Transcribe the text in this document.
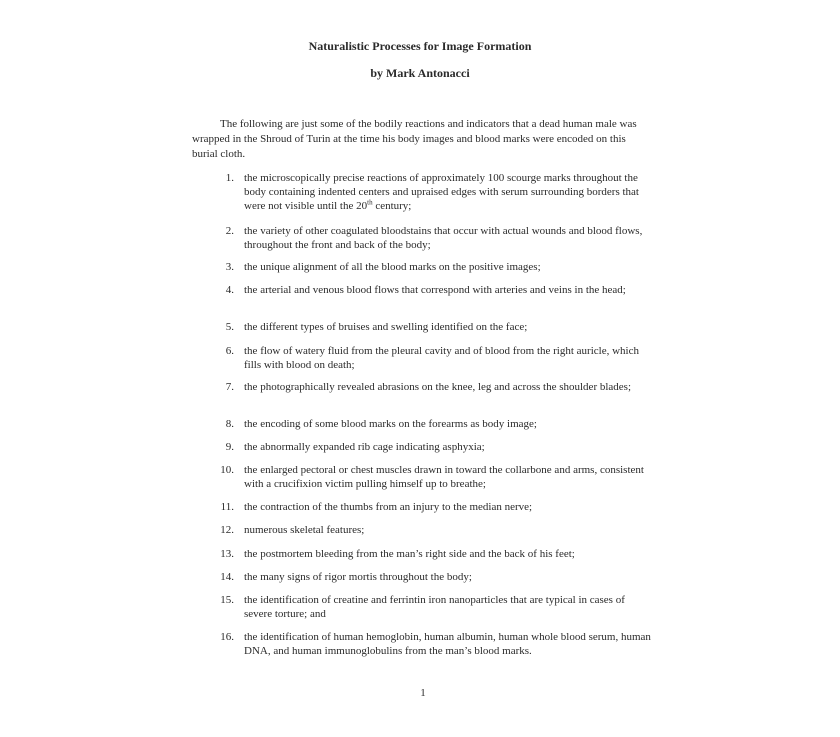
Naturalistic Processes for Image Formation
by Mark Antonacci

The following are just some of the bodily reactions and indicators that a dead human male was wrapped in the Shroud of Turin at the time his body images and blood marks were encoded on this burial cloth.

1. the microscopically precise reactions of approximately 100 scourge marks throughout the body containing indented centers and upraised edges with serum surrounding borders that were not visible until the 20th century;
2. the variety of other coagulated bloodstains that occur with actual wounds and blood flows, throughout the front and back of the body;
3. the unique alignment of all the blood marks on the positive images;
4. the arterial and venous blood flows that correspond with arteries and veins in the head;
5. the different types of bruises and swelling identified on the face;
6. the flow of watery fluid from the pleural cavity and of blood from the right auricle, which fills with blood on death;
7. the photographically revealed abrasions on the knee, leg and across the shoulder blades;
8. the encoding of some blood marks on the forearms as body image;
9. the abnormally expanded rib cage indicating asphyxia;
10. the enlarged pectoral or chest muscles drawn in toward the collarbone and arms, consistent with a crucifixion victim pulling himself up to breathe;
11. the contraction of the thumbs from an injury to the median nerve;
12. numerous skeletal features;
13. the postmortem bleeding from the man’s right side and the back of his feet;
14. the many signs of rigor mortis throughout the body;
15. the identification of creatine and ferrintin iron nanoparticles that are typical in cases of severe torture; and
16. the identification of human hemoglobin, human albumin, human whole blood serum, human DNA, and human immunoglobulins from the man’s blood marks.
1
